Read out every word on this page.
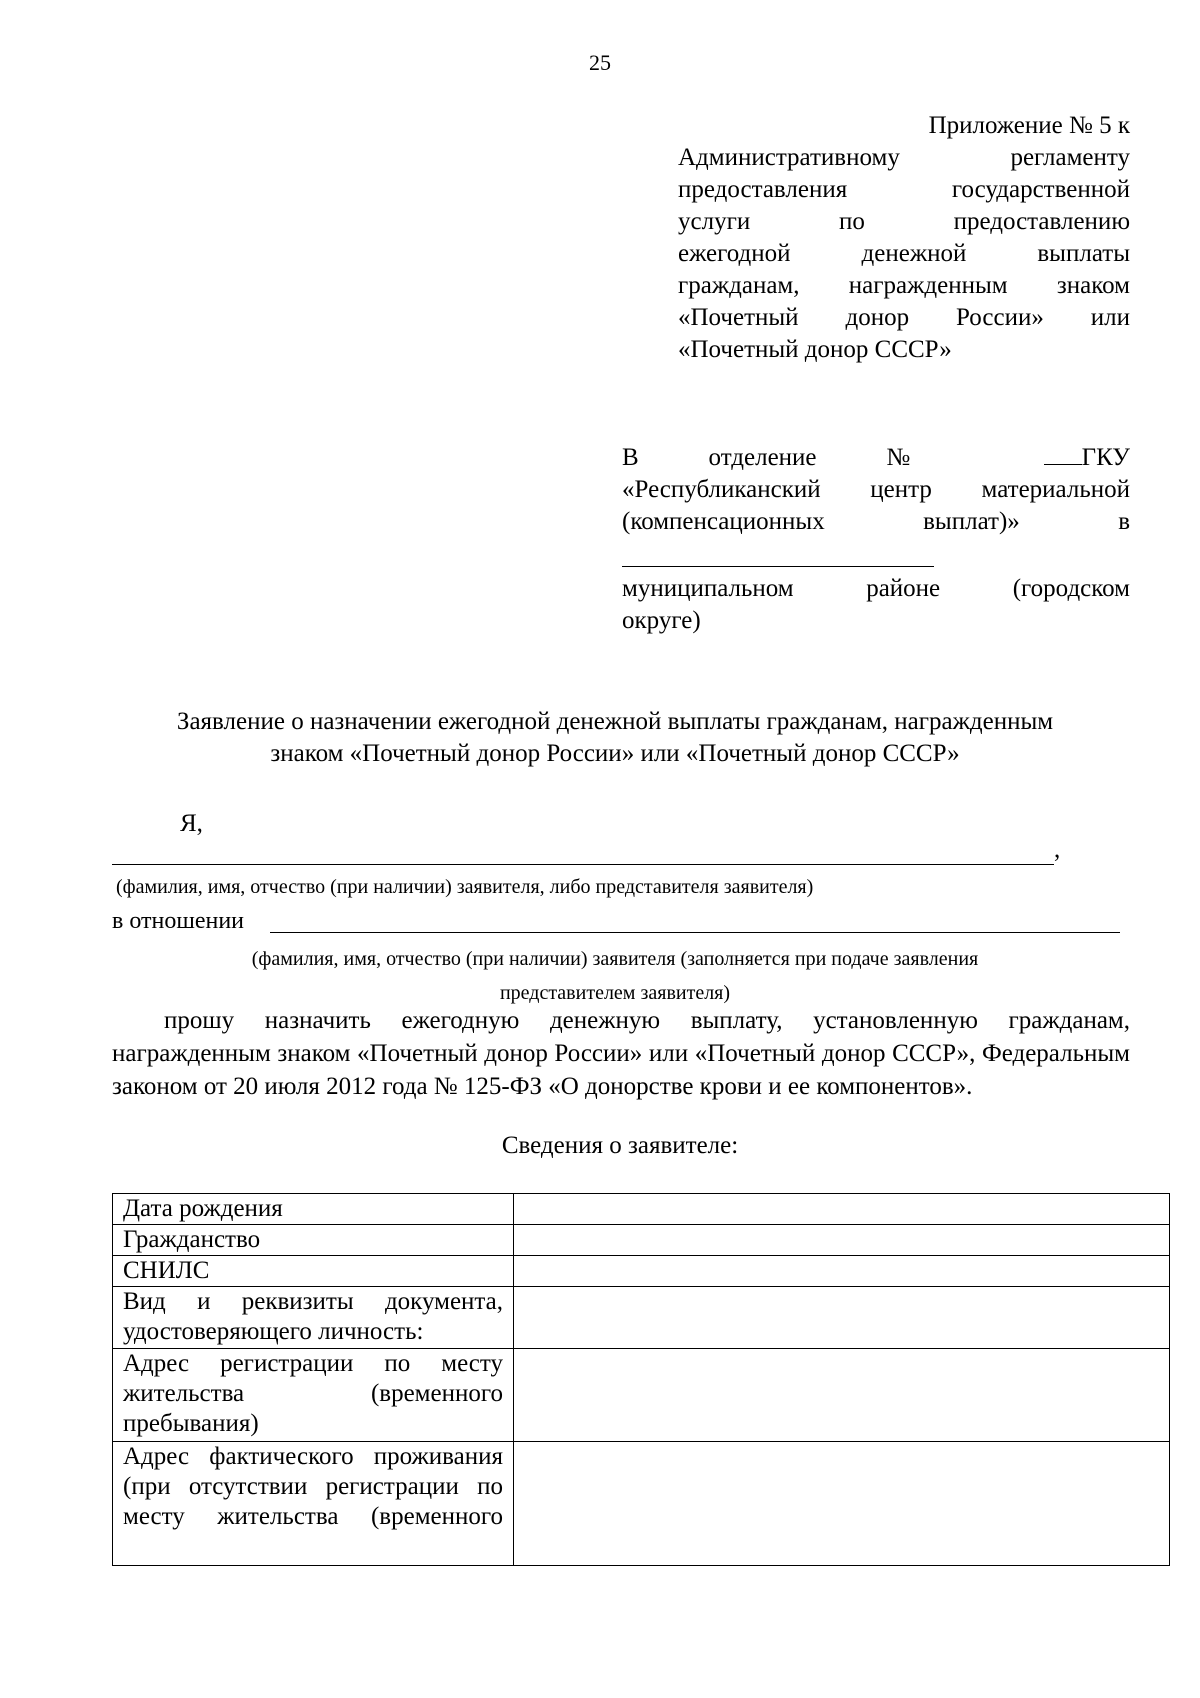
25
Приложение № 5 к
Административному регламенту
предоставления государственной
услуги по предоставлению
ежегодной денежной выплаты
гражданам, награжденным знаком
«Почетный донор России» или
«Почетный донор СССР»
В отделение №	ГКУ
«Республиканский центр материальной
(компенсационных выплат)» в
муниципальном районе (городском
округе)
Заявление о назначении ежегодной денежной выплаты гражданам, награжденным
знаком «Почетный донор России» или «Почетный донор СССР»
Я,
,
(фамилия, имя, отчество (при наличии) заявителя, либо представителя заявителя)
в отношении
(фамилия, имя, отчество (при наличии) заявителя (заполняется при подаче заявления
представителем заявителя)
прошу назначить ежегодную денежную выплату, установленную гражданам, награжденным знаком «Почетный донор России» или «Почетный донор СССР», Федеральным законом от 20 июля 2012 года № 125-ФЗ «О донорстве крови и ее компонентов».
Сведения о заявителе:
Дата рождения	
Гражданство	
СНИЛС	
Вид и реквизиты документа, удостоверяющего личность:	
Адрес регистрации по месту жительства (временного пребывания)	
Адрес фактического проживания (при отсутствии регистрации по месту жительства (временного	
